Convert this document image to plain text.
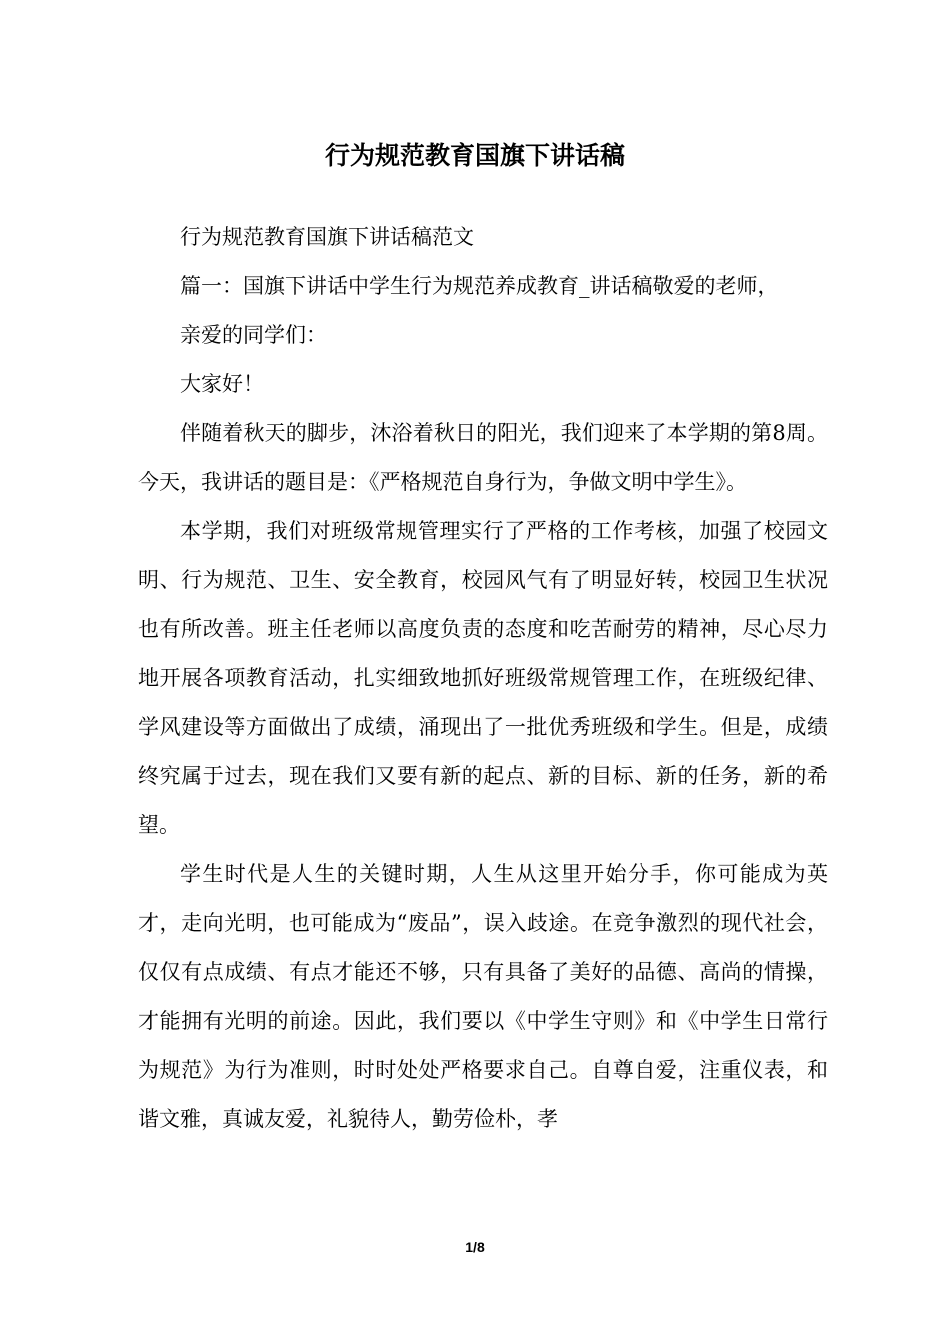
行为规范教育国旗下讲话稿

行为规范教育国旗下讲话稿范文

篇一：国旗下讲话中学生行为规范养成教育_讲话稿敬爱的老师，

亲爱的同学们：

大家好！

伴随着秋天的脚步，沐浴着秋日的阳光，我们迎来了本学期的第8周。今天，我讲话的题目是：《严格规范自身行为，争做文明中学生》。

本学期，我们对班级常规管理实行了严格的工作考核，加强了校园文明、行为规范、卫生、安全教育，校园风气有了明显好转，校园卫生状况也有所改善。班主任老师以高度负责的态度和吃苦耐劳的精神，尽心尽力地开展各项教育活动，扎实细致地抓好班级常规管理工作，在班级纪律、学风建设等方面做出了成绩，涌现出了一批优秀班级和学生。但是，成绩终究属于过去，现在我们又要有新的起点、新的目标、新的任务，新的希望。

学生时代是人生的关键时期，人生从这里开始分手，你可能成为英才，走向光明，也可能成为“废品”，误入歧途。在竞争激烈的现代社会，仅仅有点成绩、有点才能还不够，只有具备了美好的品德、高尚的情操，才能拥有光明的前途。因此，我们要以《中学生守则》和《中学生日常行为规范》为行为准则，时时处处严格要求自己。自尊自爱，注重仪表，和谐文雅，真诚友爱，礼貌待人，勤劳俭朴，孝

1/8
